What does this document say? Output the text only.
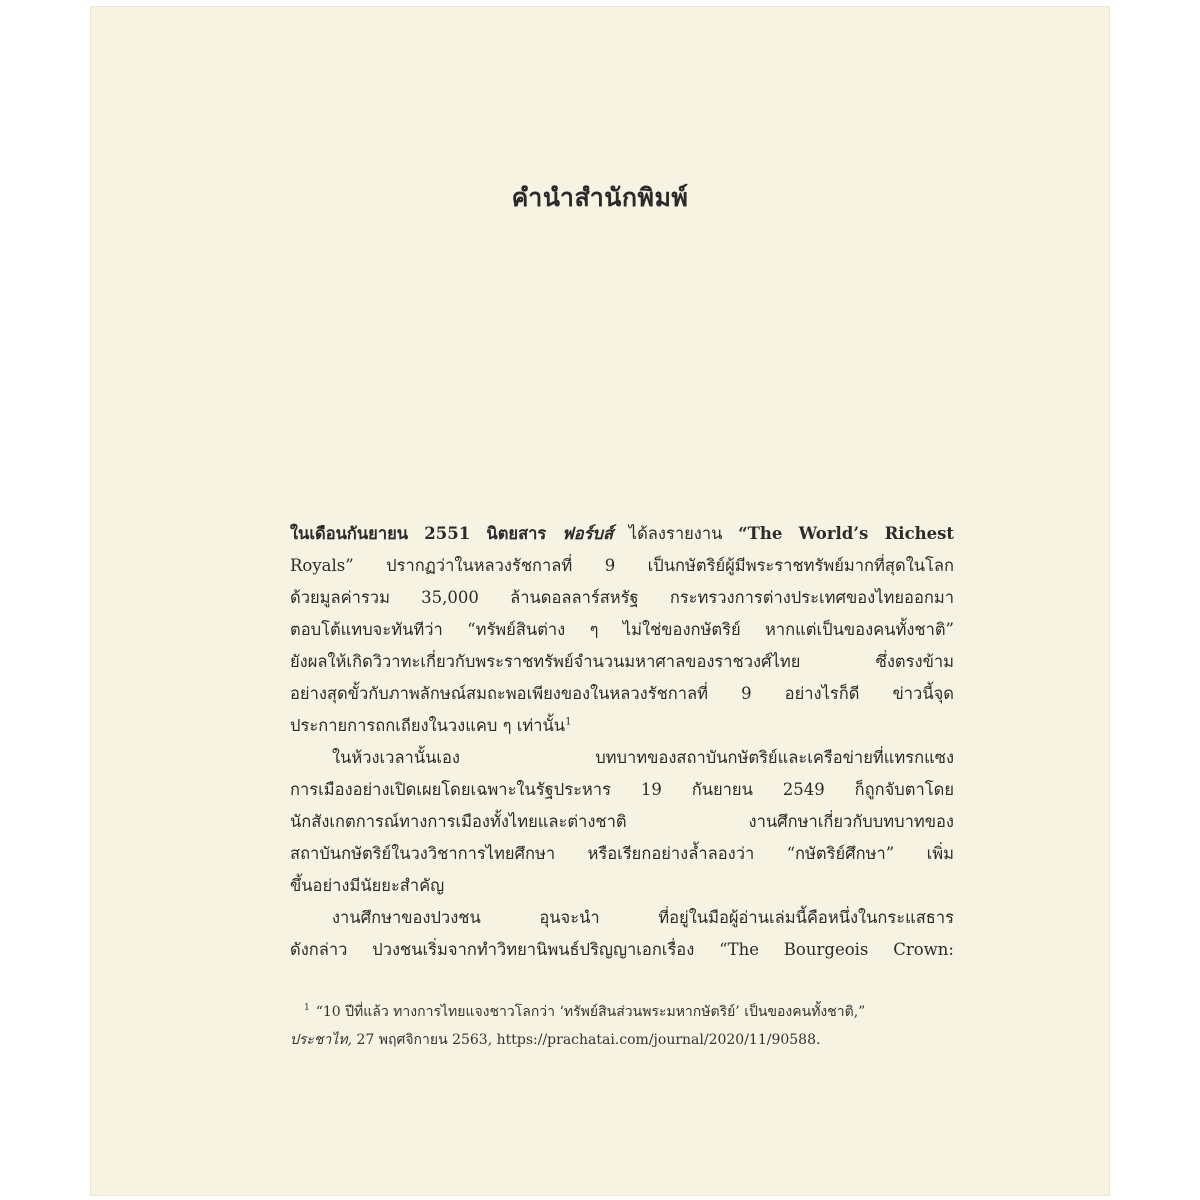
คำนำสำนักพิมพ์
ในเดือนกันยายน 2551 นิตยสาร ฟอร์บส์ ได้ลงรายงาน “The World’s Richest
Royals” ปรากฏว่าในหลวงรัชกาลที่ 9 เป็นกษัตริย์ผู้มีพระราชทรัพย์มากที่สุดในโลก
ด้วยมูลค่ารวม 35,000 ล้านดอลลาร์สหรัฐ กระทรวงการต่างประเทศของไทยออกมา
ตอบโต้แทบจะทันทีว่า “ทรัพย์สินต่าง ๆ ไม่ใช่ของกษัตริย์ หากแต่เป็นของคนทั้งชาติ”
ยังผลให้เกิดวิวาทะเกี่ยวกับพระราชทรัพย์จำนวนมหาศาลของราชวงศ์ไทย ซึ่งตรงข้าม
อย่างสุดขั้วกับภาพลักษณ์สมถะพอเพียงของในหลวงรัชกาลที่ 9 อย่างไรก็ดี ข่าวนี้จุด
ประกายการถกเถียงในวงแคบ ๆ เท่านั้น$^1$
ในห้วงเวลานั้นเอง บทบาทของสถาบันกษัตริย์และเครือข่ายที่แทรกแซง
การเมืองอย่างเปิดเผยโดยเฉพาะในรัฐประหาร 19 กันยายน 2549 ก็ถูกจับตาโดย
นักสังเกตการณ์ทางการเมืองทั้งไทยและต่างชาติ งานศึกษาเกี่ยวกับบทบาทของ
สถาบันกษัตริย์ในวงวิชาการไทยศึกษา หรือเรียกอย่างล้ำลองว่า “กษัตริย์ศึกษา” เพิ่ม
ขึ้นอย่างมีนัยยะสำคัญ
งานศึกษาของปวงชน อุนจะนำ ที่อยู่ในมือผู้อ่านเล่มนี้คือหนึ่งในกระแสธาร
ดังกล่าว ปวงชนเริ่มจากทำวิทยานิพนธ์ปริญญาเอกเรื่อง “The Bourgeois Crown:
$^1$ “10 ปีที่แล้ว ทางการไทยแจงชาวโลกว่า ‘ทรัพย์สินส่วนพระมหากษัตริย์’ เป็นของคนทั้งชาติ,”
ประชาไท, 27 พฤศจิกายน 2563, https://prachatai.com/journal/2020/11/90588.
